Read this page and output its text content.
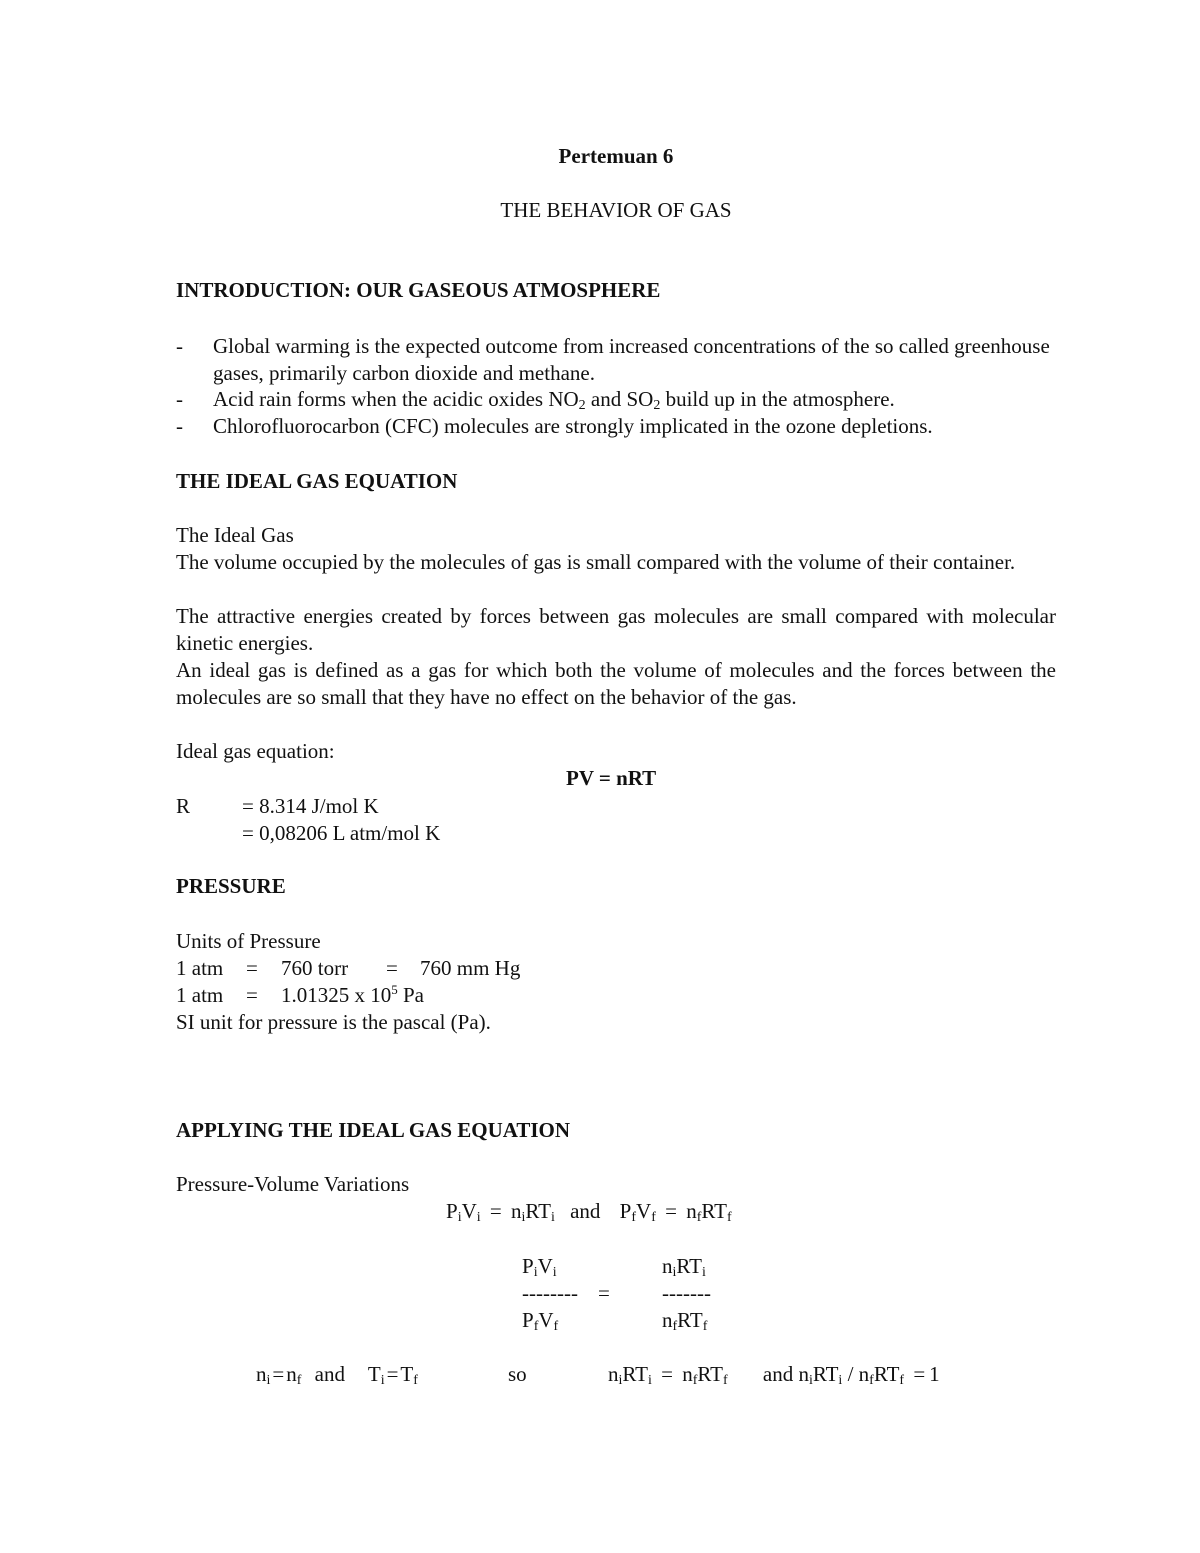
Pertemuan 6
THE BEHAVIOR OF GAS
INTRODUCTION: OUR GASEOUS ATMOSPHERE
- Global warming is the expected outcome from increased concentrations of the so called greenhouse gases, primarily carbon dioxide and methane.
- Acid rain forms when the acidic oxides $NO_2$ and $SO_2$ build up in the atmosphere.
- Chlorofluorocarbon (CFC) molecules are strongly implicated in the ozone depletions.
THE IDEAL GAS EQUATION
The Ideal Gas
The volume occupied by the molecules of gas is small compared with the volume of their container.
The attractive energies created by forces between gas molecules are small compared with molecular kinetic energies.
An ideal gas is defined as a gas for which both the volume of molecules and the forces between the molecules are so small that they have no effect on the behavior of the gas.
Ideal gas equation:
PV = nRT
R = 8.314 J/mol K
= 0,08206 L atm/mol K
PRESSURE
Units of Pressure
1 atm = 760 torr = 760 mm Hg
1 atm = 1.01325 x $10^5$ Pa
SI unit for pressure is the pascal (Pa).
APPLYING THE IDEAL GAS EQUATION
Pressure-Volume Variations
$P_iV_i = n_iRT_i$ and $P_fV_f = n_fRT_f$
$P_iV_i$	$n_iRT_i$
-------- = -------
$P_fV_f$	$n_fRT_f$
$n_i=n_f$ and $T_i=T_f$	so	$n_iRT_i = n_fRT_f$ and $n_iRT_i / n_fRT_f = 1$
